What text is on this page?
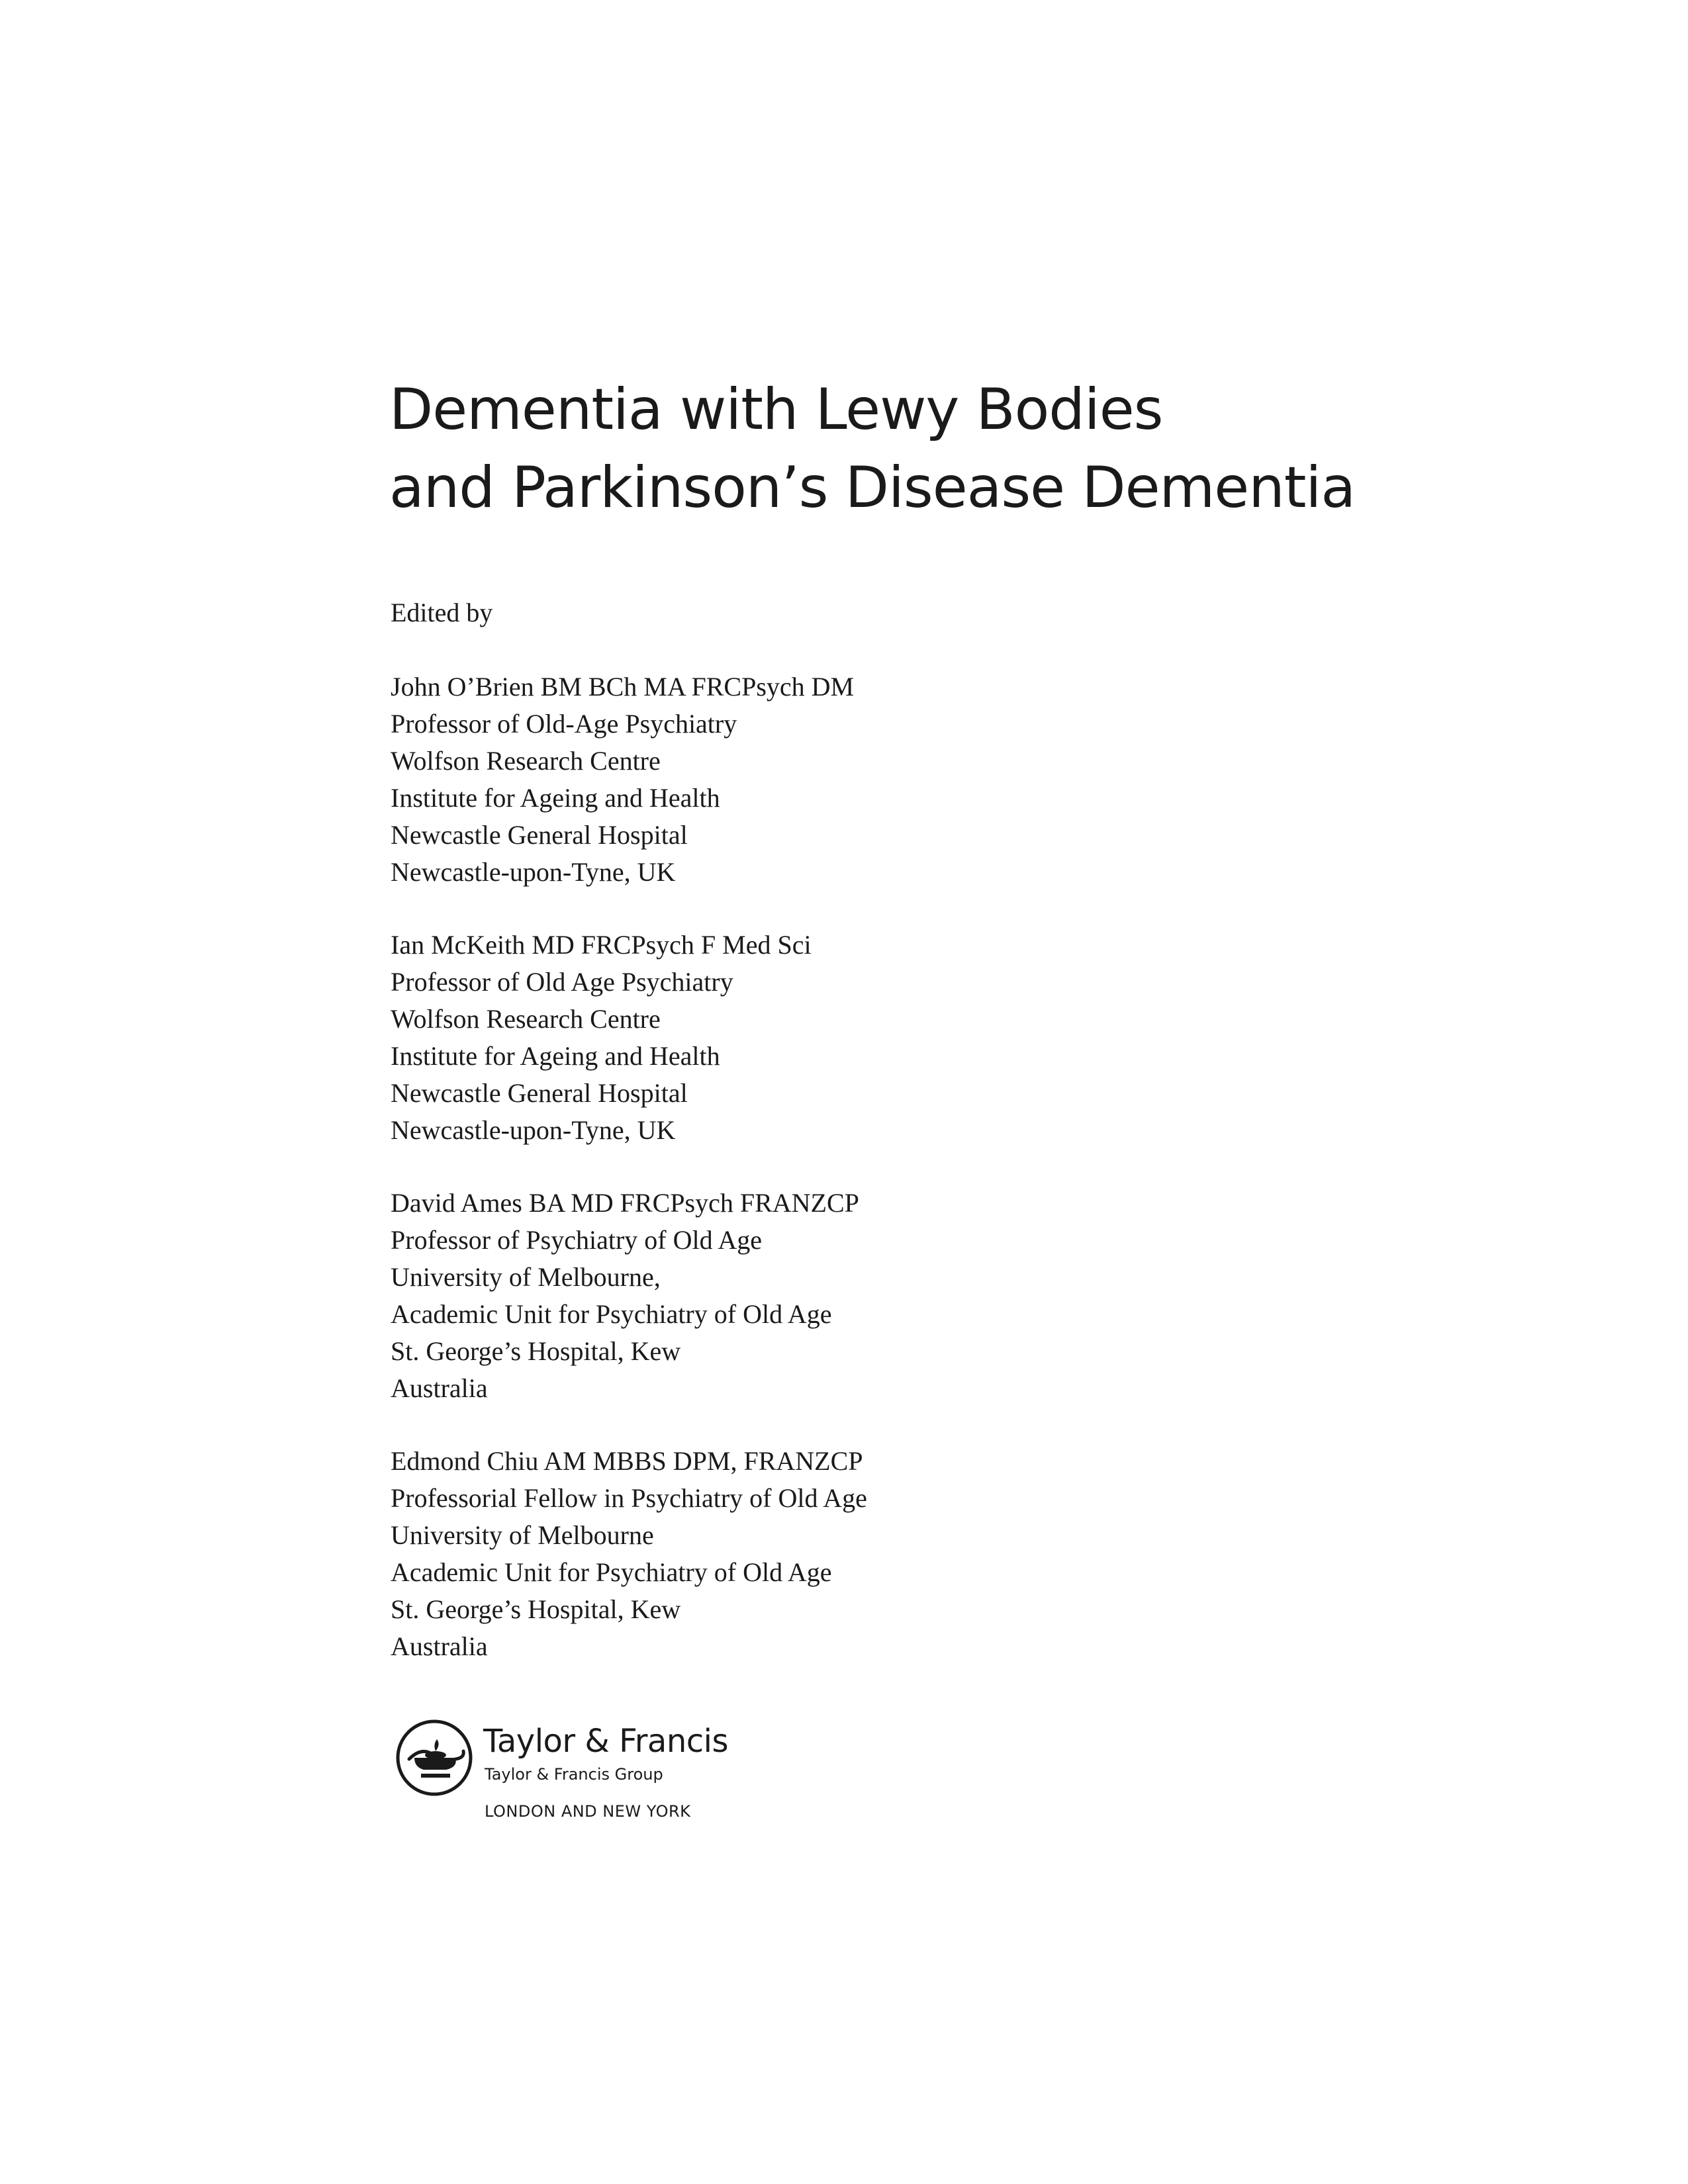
Dementia with Lewy Bodies
and Parkinson’s Disease Dementia
Edited by
John O’Brien BM BCh MA FRCPsych DM
Professor of Old-Age Psychiatry
Wolfson Research Centre
Institute for Ageing and Health
Newcastle General Hospital
Newcastle-upon-Tyne, UK
Ian McKeith MD FRCPsych F Med Sci
Professor of Old Age Psychiatry
Wolfson Research Centre
Institute for Ageing and Health
Newcastle General Hospital
Newcastle-upon-Tyne, UK
David Ames BA MD FRCPsych FRANZCP
Professor of Psychiatry of Old Age
University of Melbourne,
Academic Unit for Psychiatry of Old Age
St. George’s Hospital, Kew
Australia
Edmond Chiu AM MBBS DPM, FRANZCP
Professorial Fellow in Psychiatry of Old Age
University of Melbourne
Academic Unit for Psychiatry of Old Age
St. George’s Hospital, Kew
Australia
Taylor & Francis
Taylor & Francis Group
LONDON AND NEW YORK
